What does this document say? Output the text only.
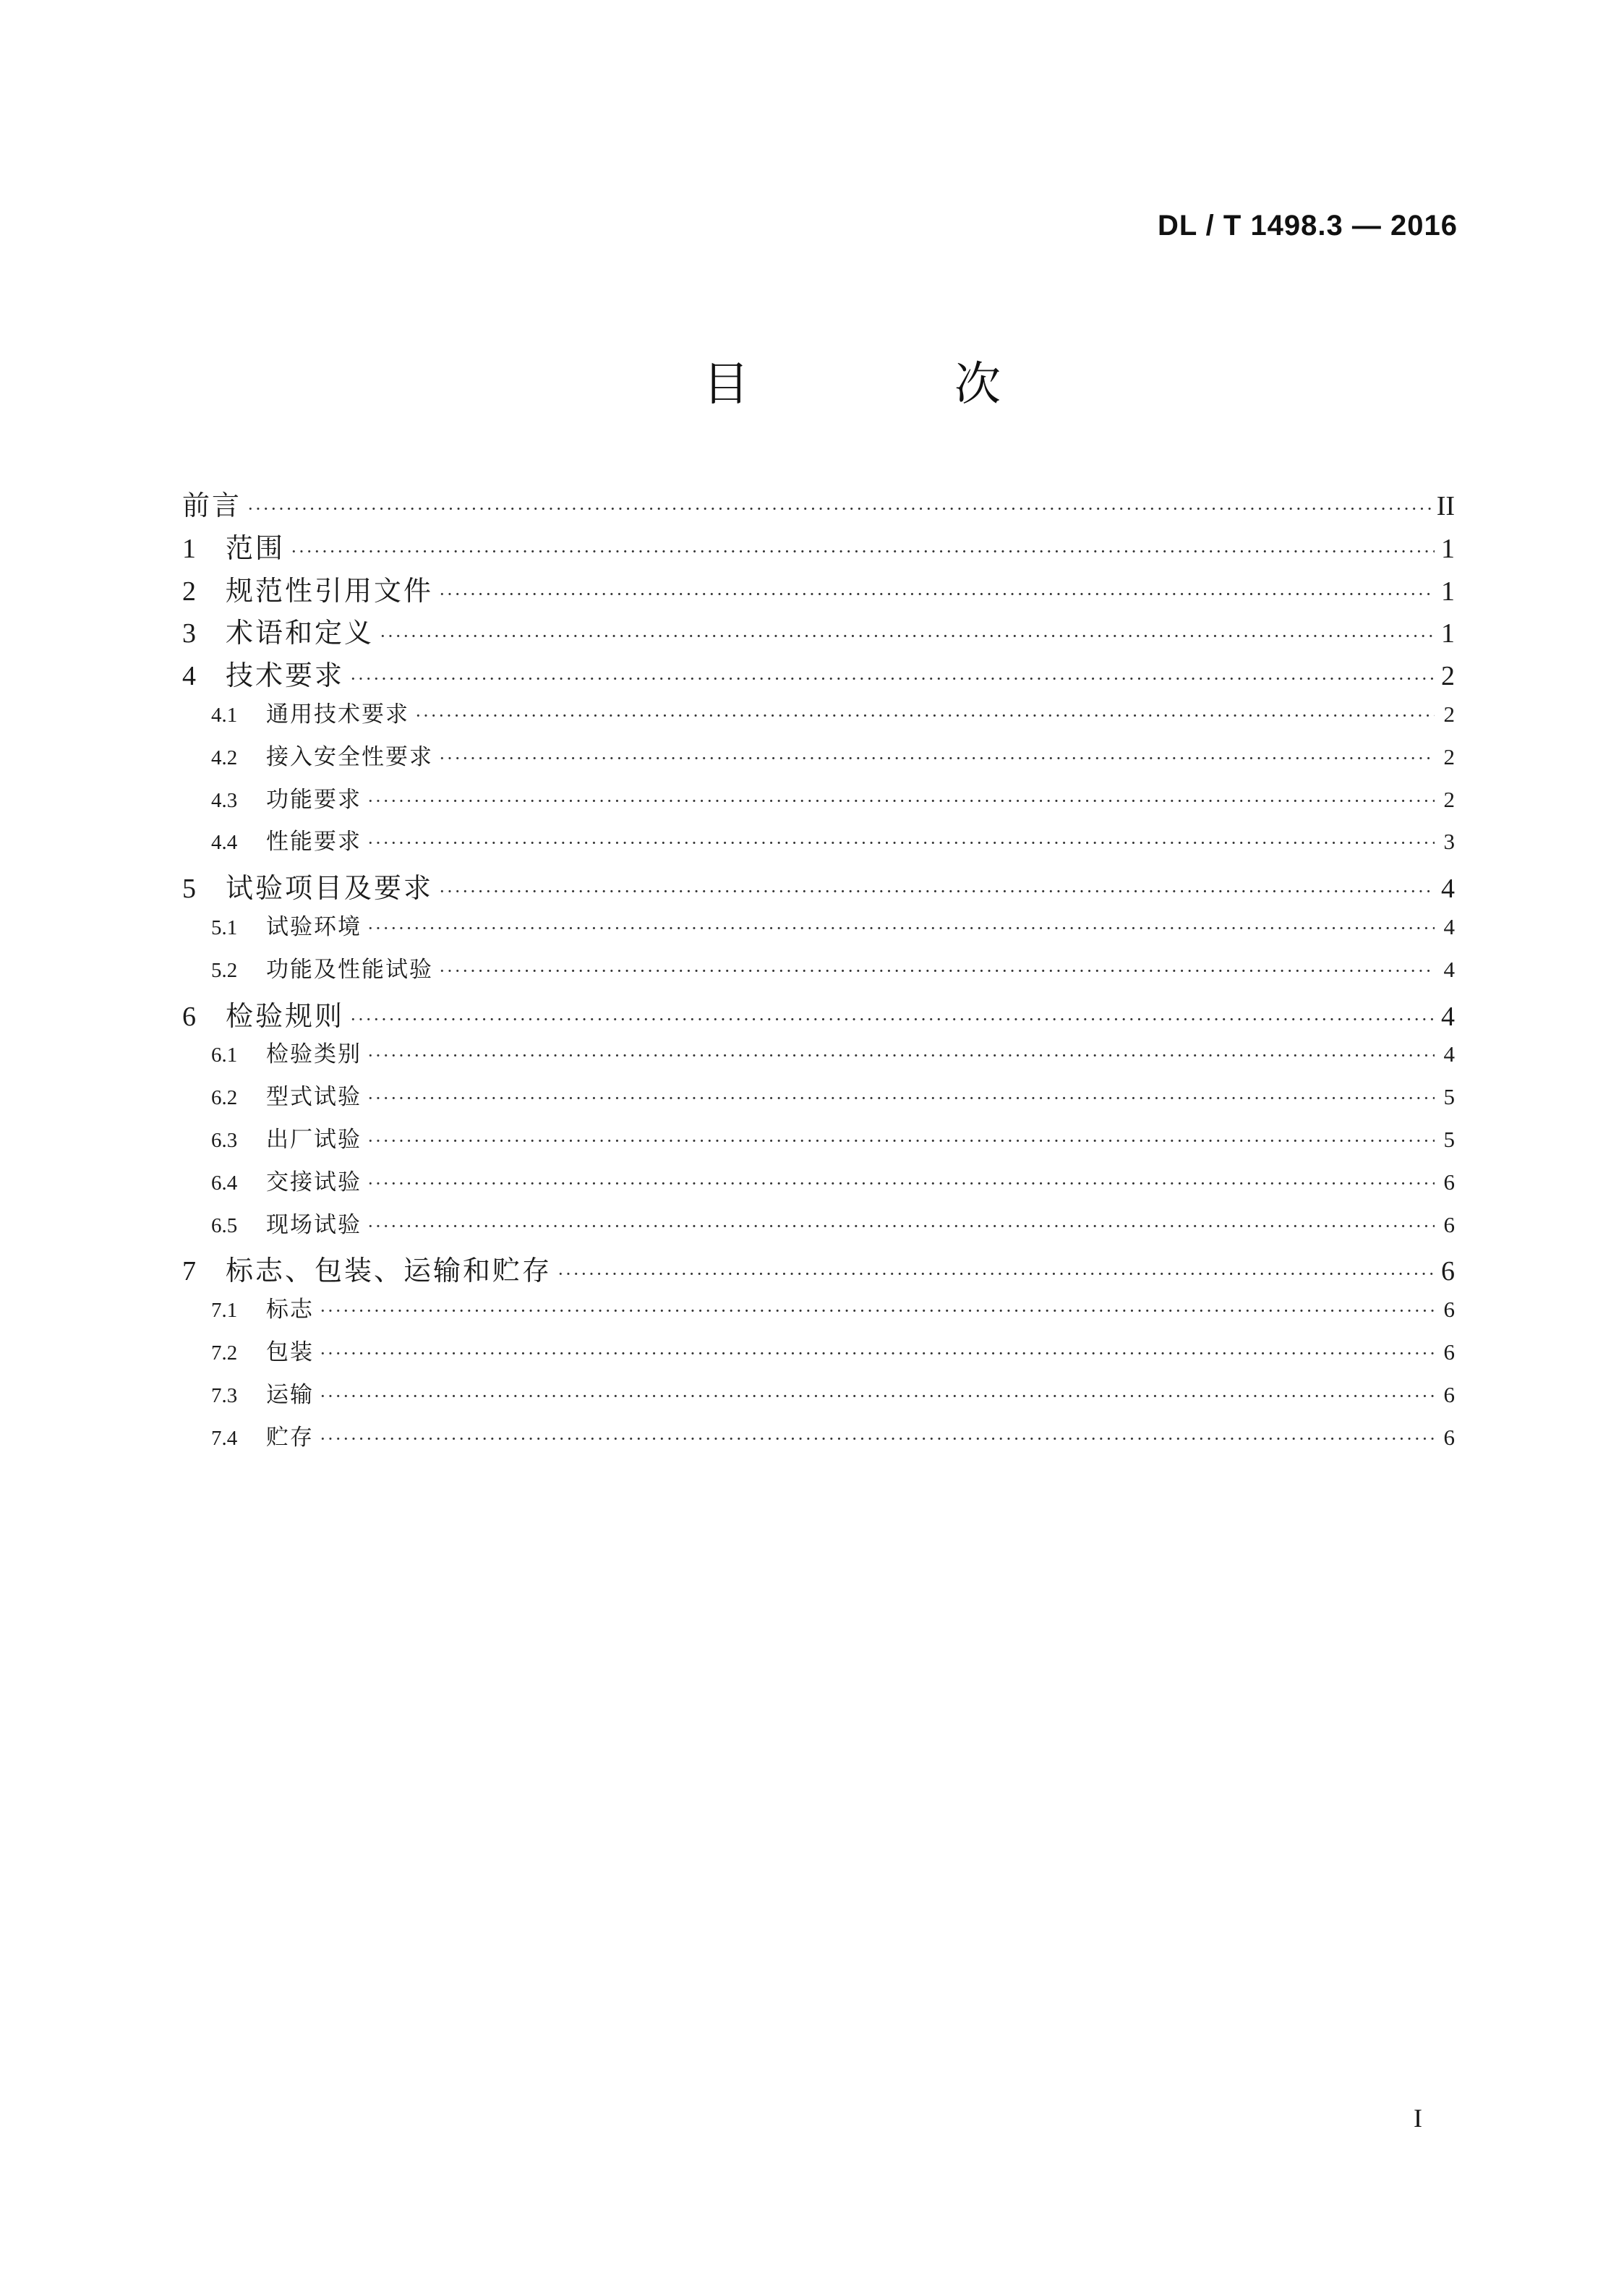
DL / T 1498.3 — 2016
目　次
前言 ·····	II
1	范围 ·····	1
2	规范性引用文件 ·····	1
3	术语和定义 ·····	1
4	技术要求 ·····	2
4.1	通用技术要求 ·····	2
4.2	接入安全性要求 ·····	2
4.3	功能要求 ·····	2
4.4	性能要求 ·····	3
5	试验项目及要求 ·····	4
5.1	试验环境 ·····	4
5.2	功能及性能试验 ·····	4
6	检验规则 ·····	4
6.1	检验类别 ·····	4
6.2	型式试验 ·····	5
6.3	出厂试验 ·····	5
6.4	交接试验 ·····	6
6.5	现场试验 ·····	6
7	标志、包装、运输和贮存 ·····	6
7.1	标志 ·····	6
7.2	包装 ·····	6
7.3	运输 ·····	6
7.4	贮存 ·····	6
I
